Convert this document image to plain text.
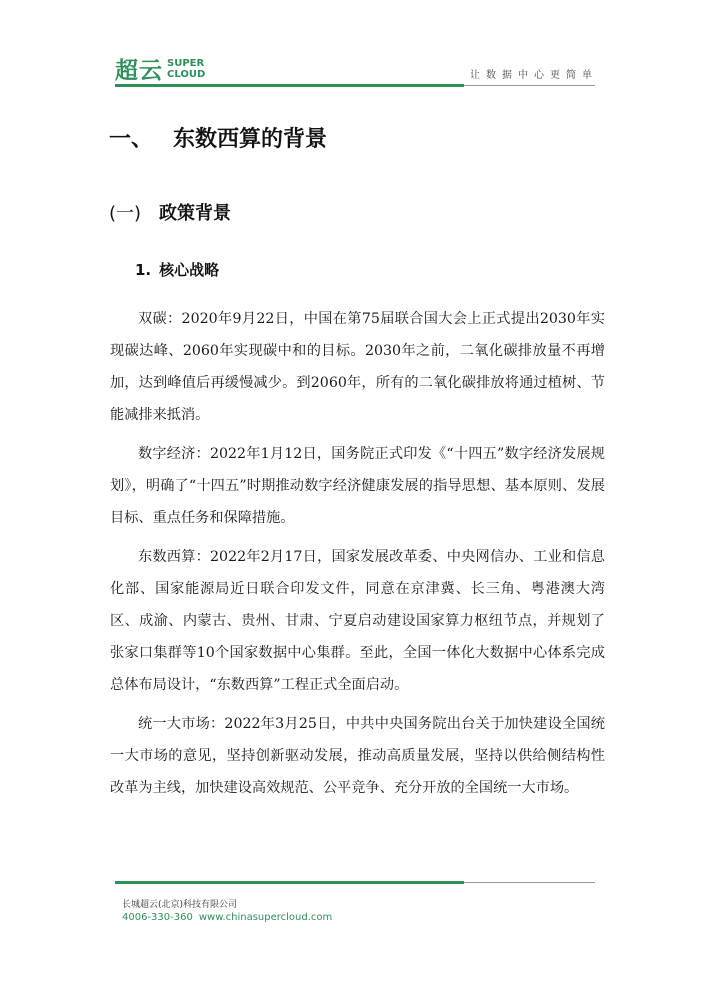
超云 SUPER
CLOUD	让数据中心更简单
一、 东数西算的背景
(一) 政策背景
1. 核心战略

双碳：2020年9月22日，中国在第75届联合国大会上正式提出2030年实现碳达峰、2060年实现碳中和的目标。2030年之前，二氧化碳排放量不再增加，达到峰值后再缓慢减少。到2060年，所有的二氧化碳排放将通过植树、节能减排来抵消。

数字经济：2022年1月12日，国务院正式印发《“十四五”数字经济发展规划》，明确了“十四五”时期推动数字经济健康发展的指导思想、基本原则、发展目标、重点任务和保障措施。

东数西算：2022年2月17日，国家发展改革委、中央网信办、工业和信息化部、国家能源局近日联合印发文件，同意在京津冀、长三角、粤港澳大湾区、成渝、内蒙古、贵州、甘肃、宁夏启动建设国家算力枢纽节点，并规划了张家口集群等10个国家数据中心集群。至此，全国一体化大数据中心体系完成总体布局设计，“东数西算”工程正式全面启动。

统一大市场：2022年3月25日，中共中央国务院出台关于加快建设全国统一大市场的意见，坚持创新驱动发展，推动高质量发展，坚持以供给侧结构性改革为主线，加快建设高效规范、公平竞争、充分开放的全国统一大市场。

长城超云(北京)科技有限公司
4006-330-360 www.chinasupercloud.com
